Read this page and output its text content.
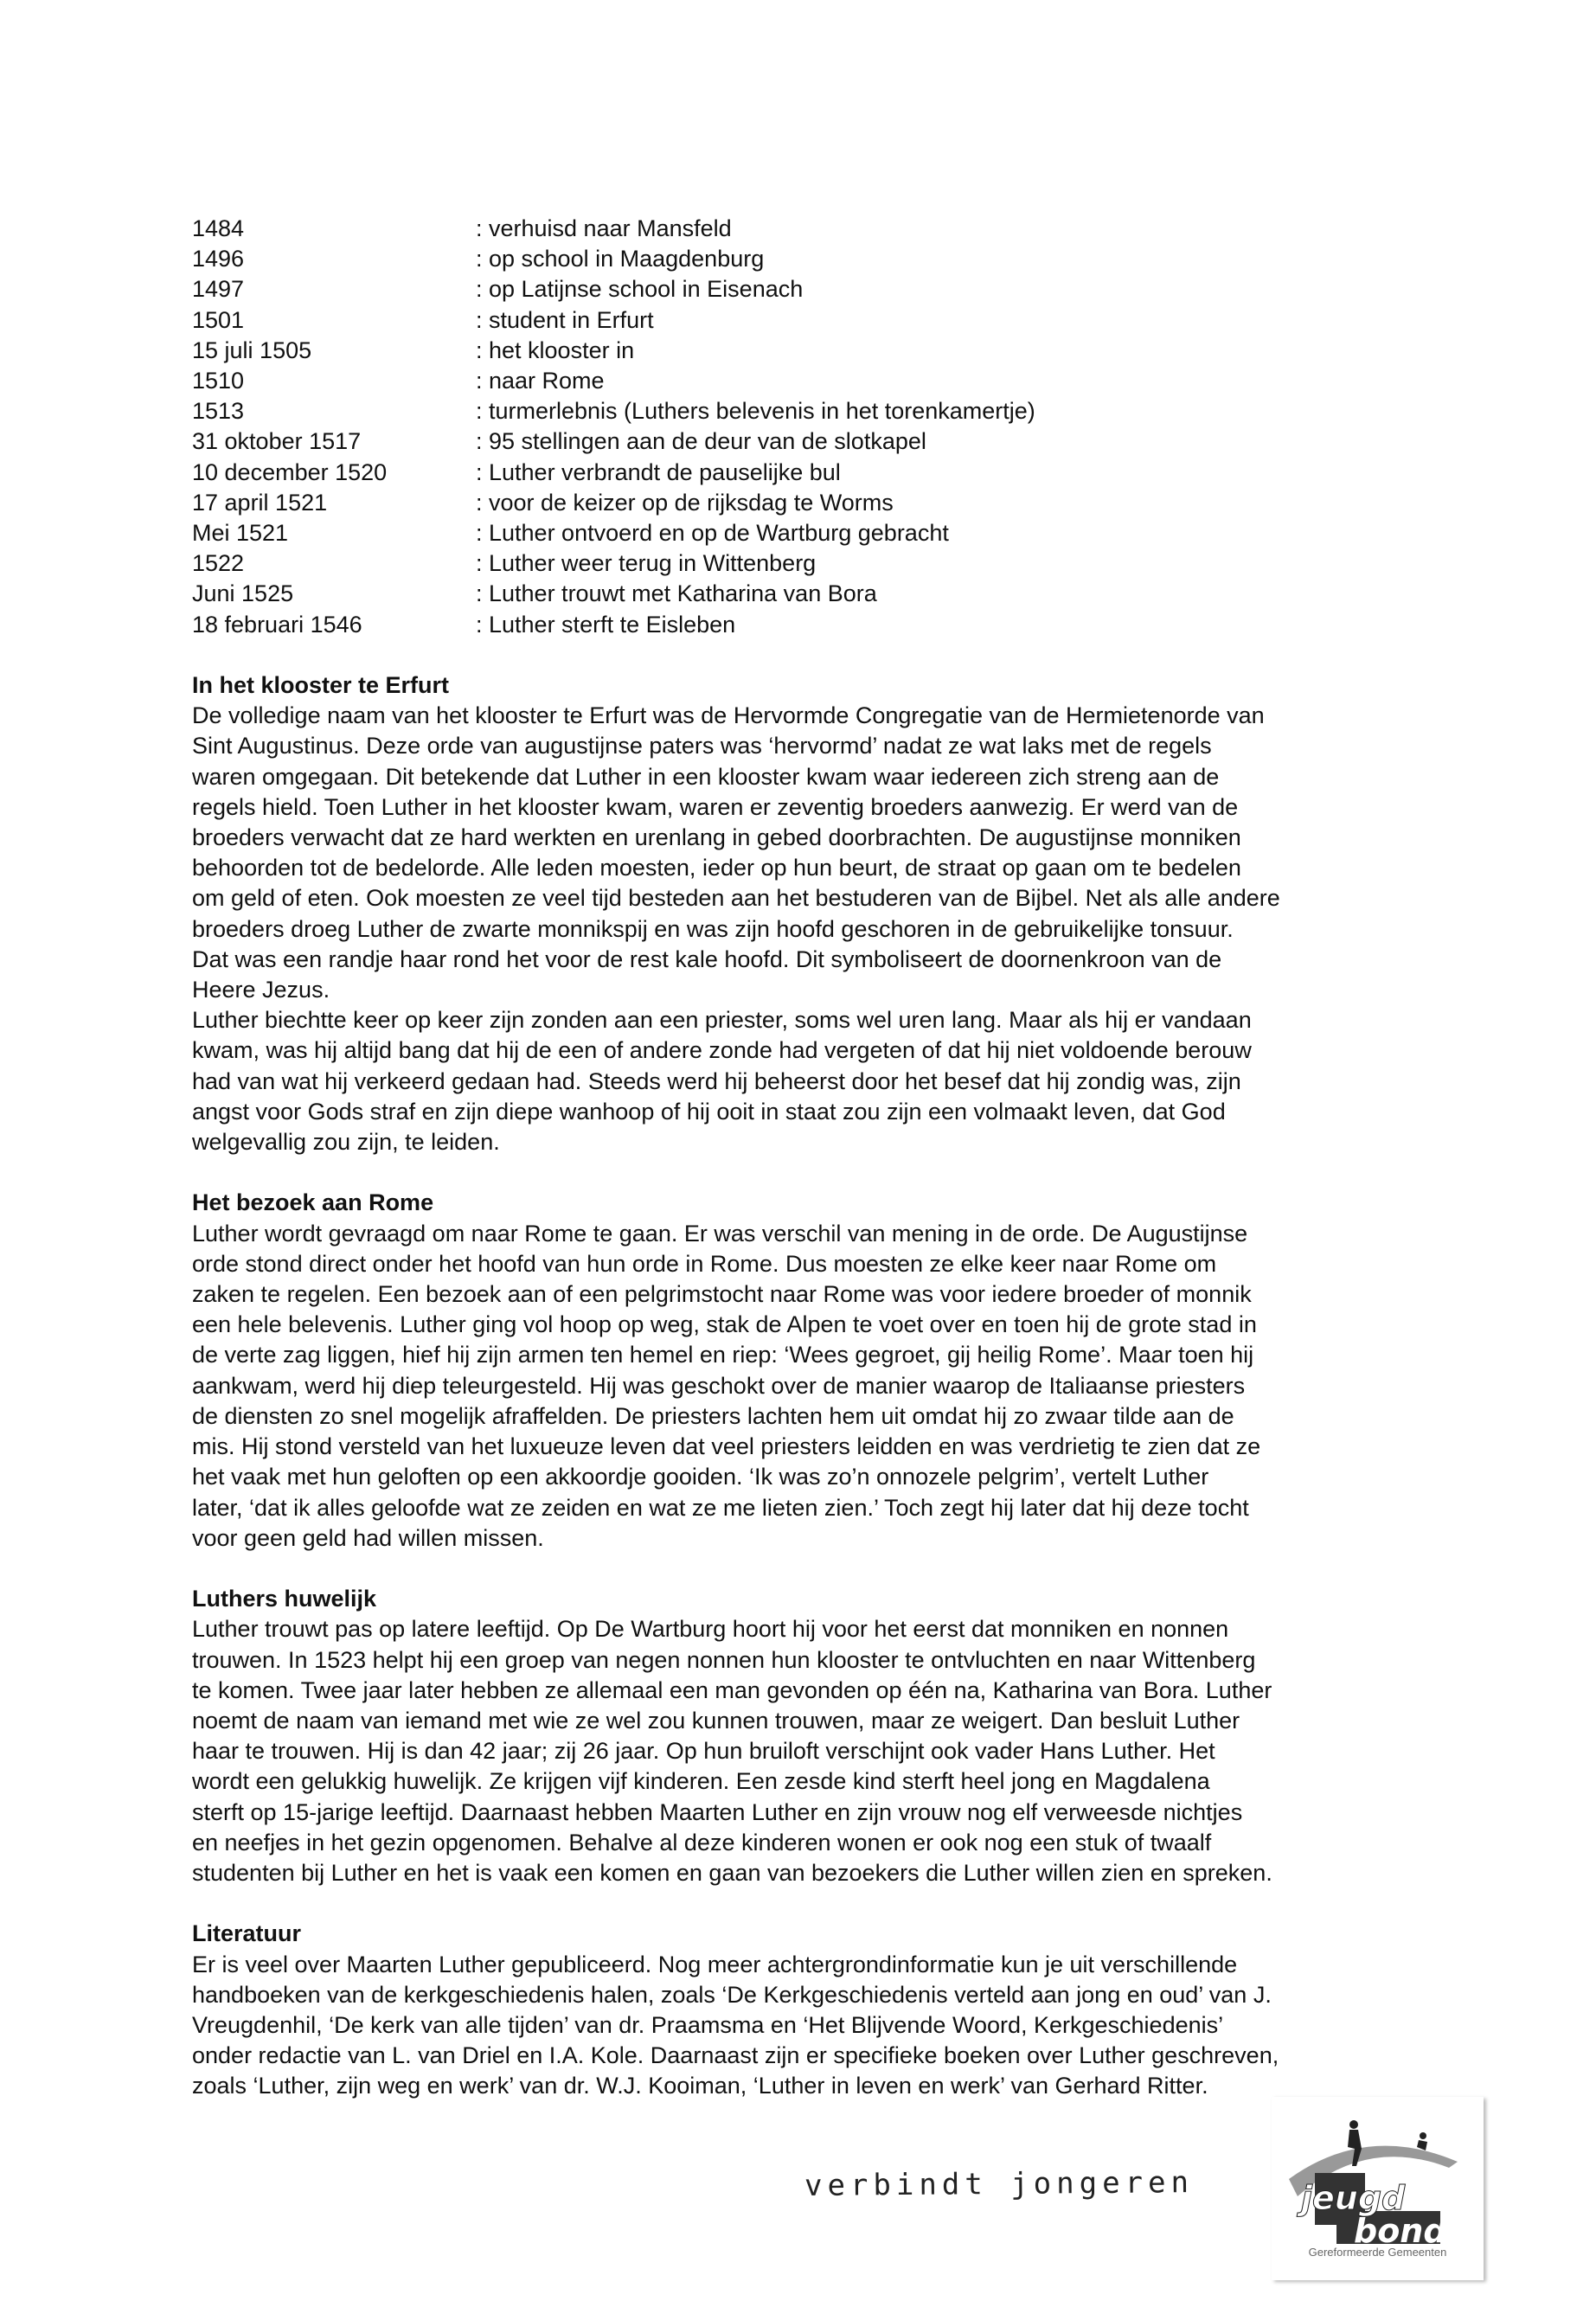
1484	: verhuisd naar Mansfeld
1496	: op school in Maagdenburg
1497	: op Latijnse school in Eisenach
1501	: student in Erfurt
15 juli 1505	: het klooster in
1510	: naar Rome
1513	: turmerlebnis (Luthers belevenis in het torenkamertje)
31 oktober 1517	: 95 stellingen aan de deur van de slotkapel
10 december 1520	: Luther verbrandt de pauselijke bul
17 april 1521	: voor de keizer op de rijksdag te Worms
Mei 1521	: Luther ontvoerd en op de Wartburg gebracht
1522	: Luther weer terug in Wittenberg
Juni 1525	: Luther trouwt met Katharina van Bora
18 februari 1546	: Luther sterft te Eisleben
In het klooster te Erfurt
De volledige naam van het klooster te Erfurt was de Hervormde Congregatie van de Hermietenorde van
Sint Augustinus. Deze orde van augustijnse paters was ‘hervormd’ nadat ze wat laks met de regels
waren omgegaan. Dit betekende dat Luther in een klooster kwam waar iedereen zich streng aan de
regels hield. Toen Luther in het klooster kwam, waren er zeventig broeders aanwezig. Er werd van de
broeders verwacht dat ze hard werkten en urenlang in gebed doorbrachten. De augustijnse monniken
behoorden tot de bedelorde. Alle leden moesten, ieder op hun beurt, de straat op gaan om te bedelen
om geld of eten. Ook moesten ze veel tijd besteden aan het bestuderen van de Bijbel. Net als alle andere
broeders droeg Luther de zwarte monnikspij en was zijn hoofd geschoren in de gebruikelijke tonsuur.
Dat was een randje haar rond het voor de rest kale hoofd. Dit symboliseert de doornenkroon van de
Heere Jezus.
Luther biechtte keer op keer zijn zonden aan een priester, soms wel uren lang. Maar als hij er vandaan
kwam, was hij altijd bang dat hij de een of andere zonde had vergeten of dat hij niet voldoende berouw
had van wat hij verkeerd gedaan had. Steeds werd hij beheerst door het besef dat hij zondig was, zijn
angst voor Gods straf en zijn diepe wanhoop of hij ooit in staat zou zijn een volmaakt leven, dat God
welgevallig zou zijn, te leiden.
Het bezoek aan Rome
Luther wordt gevraagd om naar Rome te gaan. Er was verschil van mening in de orde. De Augustijnse
orde stond direct onder het hoofd van hun orde in Rome. Dus moesten ze elke keer naar Rome om
zaken te regelen. Een bezoek aan of een pelgrimstocht naar Rome was voor iedere broeder of monnik
een hele belevenis. Luther ging vol hoop op weg, stak de Alpen te voet over en toen hij de grote stad in
de verte zag liggen, hief hij zijn armen ten hemel en riep: ‘Wees gegroet, gij heilig Rome’. Maar toen hij
aankwam, werd hij diep teleurgesteld. Hij was geschokt over de manier waarop de Italiaanse priesters
de diensten zo snel mogelijk afraffelden. De priesters lachten hem uit omdat hij zo zwaar tilde aan de
mis. Hij stond versteld van het luxueuze leven dat veel priesters leidden en was verdrietig te zien dat ze
het vaak met hun geloften op een akkoordje gooiden. ‘Ik was zo’n onnozele pelgrim’, vertelt Luther
later, ‘dat ik alles geloofde wat ze zeiden en wat ze me lieten zien.’ Toch zegt hij later dat hij deze tocht
voor geen geld had willen missen.
Luthers huwelijk
Luther trouwt pas op latere leeftijd. Op De Wartburg hoort hij voor het eerst dat monniken en nonnen
trouwen. In 1523 helpt hij een groep van negen nonnen hun klooster te ontvluchten en naar Wittenberg
te komen. Twee jaar later hebben ze allemaal een man gevonden op één na, Katharina van Bora. Luther
noemt de naam van iemand met wie ze wel zou kunnen trouwen, maar ze weigert. Dan besluit Luther
haar te trouwen. Hij is dan 42 jaar; zij 26 jaar. Op hun bruiloft verschijnt ook vader Hans Luther. Het
wordt een gelukkig huwelijk. Ze krijgen vijf kinderen. Een zesde kind sterft heel jong en Magdalena
sterft op 15-jarige leeftijd. Daarnaast hebben Maarten Luther en zijn vrouw nog elf verweesde nichtjes
en neefjes in het gezin opgenomen. Behalve al deze kinderen wonen er ook nog een stuk of twaalf
studenten bij Luther en het is vaak een komen en gaan van bezoekers die Luther willen zien en spreken.
Literatuur
Er is veel over Maarten Luther gepubliceerd. Nog meer achtergrondinformatie kun je uit verschillende
handboeken van de kerkgeschiedenis halen, zoals ‘De Kerkgeschiedenis verteld aan jong en oud’ van J.
Vreugdenhil, ‘De kerk van alle tijden’ van dr. Praamsma en ‘Het Blijvende Woord, Kerkgeschiedenis’
onder redactie van L. van Driel en I.A. Kole. Daarnaast zijn er specifieke boeken over Luther geschreven,
zoals ‘Luther, zijn weg en werk’ van dr. W.J. Kooiman, ‘Luther in leven en werk’ van Gerhard Ritter.
verbindt jongeren	jeugd
bond
Gereformeerde Gemeenten
